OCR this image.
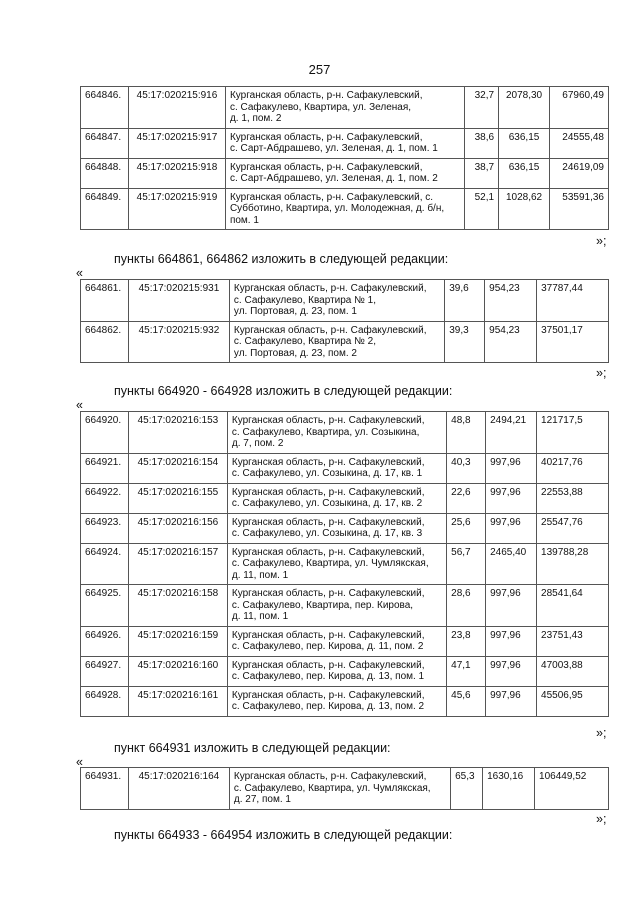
257
664846.	45:17:020215:916	Курганская область, р-н. Сафакулевский,
с. Сафакулево, Квартира, ул. Зеленая,
д. 1, пом. 2	32,7	2078,30	67960,49
664847.	45:17:020215:917	Курганская область, р-н. Сафакулевский,
с. Сарт-Абдрашево, ул. Зеленая, д. 1, пом. 1	38,6	636,15	24555,48
664848.	45:17:020215:918	Курганская область, р-н. Сафакулевский,
с. Сарт-Абдрашево, ул. Зеленая, д. 1, пом. 2	38,7	636,15	24619,09
664849.	45:17:020215:919	Курганская область, р-н. Сафакулевский, с.
Субботино, Квартира, ул. Молодежная, д. б/н,
пом. 1	52,1	1028,62	53591,36
»;
пункты 664861, 664862 изложить в следующей редакции:
«
664861.	45:17:020215:931	Курганская область, р-н. Сафакулевский,
с. Сафакулево, Квартира № 1,
ул. Портовая, д. 23, пом. 1	39,6	954,23	37787,44
664862.	45:17:020215:932	Курганская область, р-н. Сафакулевский,
с. Сафакулево, Квартира № 2,
ул. Портовая, д. 23, пом. 2	39,3	954,23	37501,17
»;
пункты 664920 - 664928 изложить в следующей редакции:
«
664920.	45:17:020216:153	Курганская область, р-н. Сафакулевский,
с. Сафакулево, Квартира, ул. Созыкина,
д. 7, пом. 2	48,8	2494,21	121717,5
664921.	45:17:020216:154	Курганская область, р-н. Сафакулевский,
с. Сафакулево, ул. Созыкина, д. 17, кв. 1	40,3	997,96	40217,76
664922.	45:17:020216:155	Курганская область, р-н. Сафакулевский,
с. Сафакулево, ул. Созыкина, д. 17, кв. 2	22,6	997,96	22553,88
664923.	45:17:020216:156	Курганская область, р-н. Сафакулевский,
с. Сафакулево, ул. Созыкина, д. 17, кв. 3	25,6	997,96	25547,76
664924.	45:17:020216:157	Курганская область, р-н. Сафакулевский,
с. Сафакулево, Квартира, ул. Чумлякская,
д. 11, пом. 1	56,7	2465,40	139788,28
664925.	45:17:020216:158	Курганская область, р-н. Сафакулевский,
с. Сафакулево, Квартира, пер. Кирова,
д. 11, пом. 1	28,6	997,96	28541,64
664926.	45:17:020216:159	Курганская область, р-н. Сафакулевский,
с. Сафакулево, пер. Кирова, д. 11, пом. 2	23,8	997,96	23751,43
664927.	45:17:020216:160	Курганская область, р-н. Сафакулевский,
с. Сафакулево, пер. Кирова, д. 13, пом. 1	47,1	997,96	47003,88
664928.	45:17:020216:161	Курганская область, р-н. Сафакулевский,
с. Сафакулево, пер. Кирова, д. 13, пом. 2	45,6	997,96	45506,95
»;
пункт 664931 изложить в следующей редакции:
«
664931.	45:17:020216:164	Курганская область, р-н. Сафакулевский,
с. Сафакулево, Квартира, ул. Чумлякская,
д. 27, пом. 1
	65,3	1630,16	106449,52
»;
пункты 664933 - 664954 изложить в следующей редакции:
